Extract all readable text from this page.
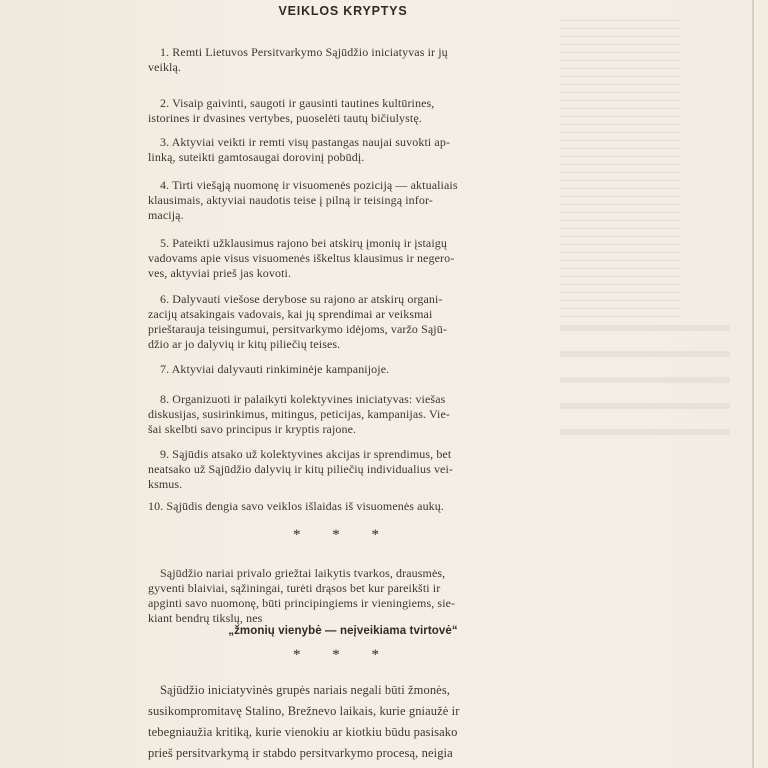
VEIKLOS KRYPTYS
1. Remti Lietuvos Persitvarkymo Sąjūdžio iniciatyvas ir jų
veiklą.
2. Visaip gaivinti, saugoti ir gausinti tautines kultūrines,
istorines ir dvasines vertybes, puoselėti tautų bičiulystę.
3. Aktyviai veikti ir remti visų pastangas naujai suvokti ap-
linką, suteikti gamtosaugai dorovinį pobūdį.
4. Tirti viešąją nuomonę ir visuomenės poziciją — aktualiais
klausimais, aktyviai naudotis teise į pilną ir teisingą infor-
maciją.
5. Pateikti užklausimus rajono bei atskirų įmonių ir įstaigų
vadovams apie visus visuomenės iškeltus klausimus ir negero-
ves, aktyviai prieš jas kovoti.
6. Dalyvauti viešose derybose su rajono ar atskirų organi-
zacijų atsakingais vadovais, kai jų sprendimai ar veiksmai
prieštarauja teisingumui, persitvarkymo idėjoms, varžo Sąjū-
džio ar jo dalyvių ir kitų piliečių teises.
7. Aktyviai dalyvauti rinkiminėje kampanijoje.
8. Organizuoti ir palaikyti kolektyvines iniciatyvas: viešas
diskusijas, susirinkimus, mitingus, peticijas, kampanijas. Vie-
šai skelbti savo principus ir kryptis rajone.
9. Sąjūdis atsako už kolektyvines akcijas ir sprendimus, bet
neatsako už Sąjūdžio dalyvių ir kitų piliečių individualius vei-
ksmus.
10. Sąjūdis dengia savo veiklos išlaidas iš visuomenės aukų.
* * *
Sąjūdžio nariai privalo griežtai laikytis tvarkos, drausmės,
gyventi blaiviai, sąžiningai, turėti drąsos bet kur pareikšti ir
apginti savo nuomonę, būti principingiems ir vieningiems, sie-
kiant bendrų tikslų, nes
„žmonių vienybė — neįveikiama tvirtovė“
* * *
Sąjūdžio iniciatyvinės grupės nariais negali būti žmonės,
susikompromitavę Stalino, Brežnevo laikais, kurie gniaužė ir
tebegniaužia kritiką, kurie vienokiu ar kiotkiu būdu pasisako
prieš persitvarkymą ir stabdo persitvarkymo procesą, neigia
